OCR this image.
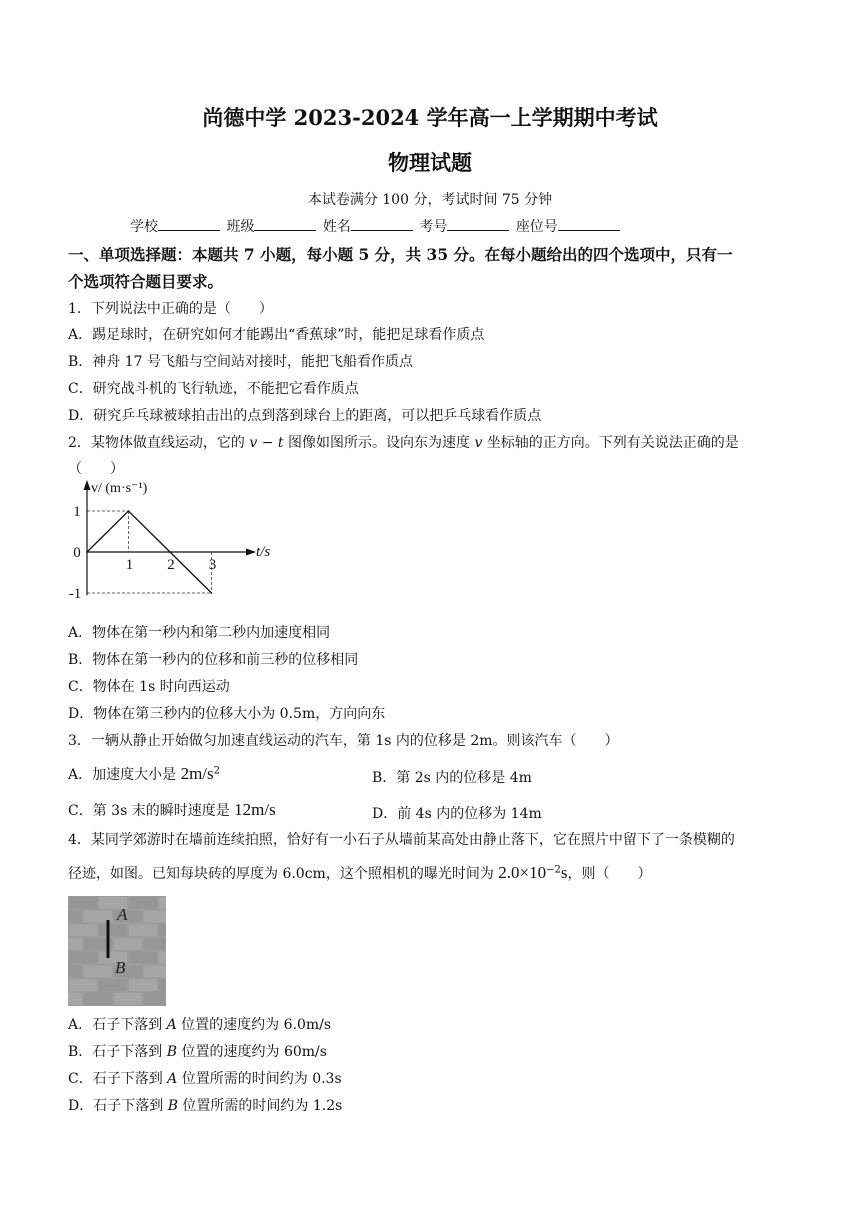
尚德中学 2023-2024 学年高一上学期期中考试
物理试题
本试卷满分 100 分，考试时间 75 分钟
学校	班级	姓名	考号	座位号
一、单项选择题：本题共 7 小题，每小题 5 分，共 35 分。在每小题给出的四个选项中，只有一
个选项符合题目要求。
1．下列说法中正确的是（　　）
A．踢足球时，在研究如何才能踢出“香蕉球”时，能把足球看作质点
B．神舟 17 号飞船与空间站对接时，能把飞船看作质点
C．研究战斗机的飞行轨迹，不能把它看作质点
D．研究乒乓球被球拍击出的点到落到球台上的距离，可以把乒乓球看作质点
2．某物体做直线运动，它的 v − t 图像如图所示。设向东为速度 v 坐标轴的正方向。下列有关说法正确的是
（　　）
1 2 3
1
0
-1
v/ (m·s⁻¹)
t/s
A．物体在第一秒内和第二秒内加速度相同
B．物体在第一秒内的位移和前三秒的位移相同
C．物体在 1s 时向西运动
D．物体在第三秒内的位移大小为 0.5m，方向向东
3．一辆从静止开始做匀加速直线运动的汽车，第 1s 内的位移是 2m。则该汽车（　　）
A．加速度大小是 $2m/s^2$	B．第 2s 内的位移是 4m
C．第 3s 末的瞬时速度是 12m/s	D．前 4s 内的位移为 14m
4．某同学郊游时在墙前连续拍照，恰好有一小石子从墙前某高处由静止落下，它在照片中留下了一条模糊的
径迹，如图。已知每块砖的厚度为 6.0cm，这个照相机的曝光时间为 $2.0\times 10^{-2}s$，则（　　）
A
B
A．石子下落到 A 位置的速度约为 6.0m/s
B．石子下落到 B 位置的速度约为 60m/s
C．石子下落到 A 位置所需的时间约为 0.3s
D．石子下落到 B 位置所需的时间约为 1.2s
